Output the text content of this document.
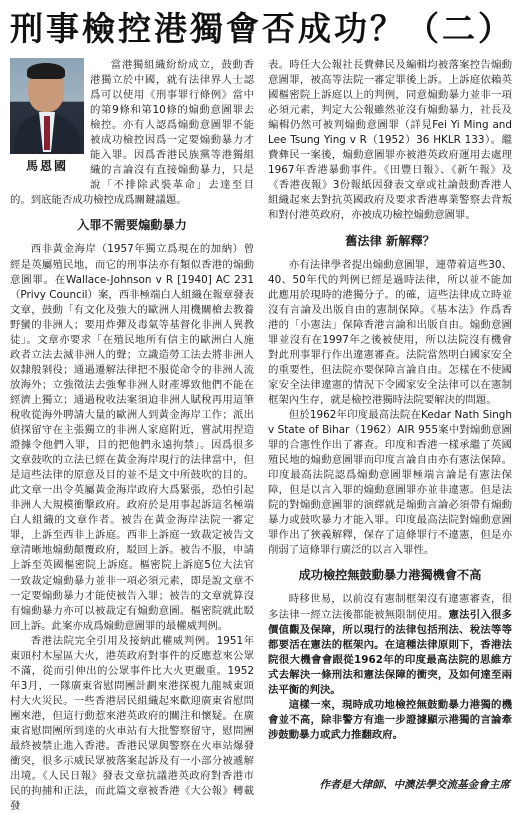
刑事檢控港獨會否成功？（二）
馬恩國

當港獨組織紛紛成立，鼓動香港獨立於中國，就有法律界人士認爲可以使用《刑事罪行條例》當中的第9條和第10條的煽動意圖罪去檢控。亦有人認爲煽動意圖罪不能被成功檢控因爲一定要煽動暴力才能入罪。因爲香港民族黨等港獨組織的言論沒有直接煽動暴力，只是說「不排除武裝革命」去達至目的。到底能否成功檢控成爲關鍵議題。

入罪不需要煽動暴力

西非黃金海岸（1957年獨立爲現在的加納）曾經是英屬殖民地，而它的刑事法亦有類似香港的煽動意圖罪。在Wallace-Johnson v R [1940] AC 231（Privy Council）案，西非極端白人組織在報章發表文章，鼓動「有文化及強大的歐洲人用機關槍去教養野蠻的非洲人；要用炸彈及毒氣等基督化非洲人異教徒」。文章亦要求「在殖民地所有信主的歐洲白人施政者立法去滅非洲人的聲；立識造勞工法去將非洲人奴隸般剝役；通過遷解法律把不服從命令的非洲人流放海外；立強徵法去強奪非洲人財產導致他們不能在經濟上獨立；通過稅收法案須迫非洲人賦稅再用這筆稅收從海外聘請大量的歐洲人到黃金海岸工作；派出偵探留守在主張獨立的非洲人家庭附近，嘗試用捏造證據令他們入罪，目的把他們永遠拘禁」。因爲很多文章鼓吹的立法已經在黃金海岸現行的法律當中，但是這些法律的原意及目的並不是文中所鼓吹的目的。此文章一出令英屬黃金海岸政府大爲緊張，恐怕引起非洲人大規模衝擊政府。政府於是用事起訴這名極端白人組織的文章作者。被告在黃金海岸法院一審定罪，上訴至西非上訴庭。西非上訴庭一致裁定被告文章清晰地煽動顛覆政府，駁回上訴。被告不服，申請上訴至英國樞密院上訴庭。樞密院上訴庭5位大法官一致裁定煽動暴力並非一項必須元素，即是說文章不一定要煽動暴力才能使被告入罪；被告的文章就算沒有煽動暴力亦可以被裁定有煽動意圖。樞密院就此駁回上訴。此案亦成爲煽動意圖罪的最權威判例。

香港法院完全引用及接納此權威判例。1951年東頭村木屋區大火，港英政府對事件的反應惹來公眾不滿，從而引伸出的公眾事件比大火更嚴重。1952年3月，一隊廣東省慰問團計劃來港探視九龍城東頭村大火災民。一些香港居民組織起來歡迎廣東省慰問團來港，但這行動惹來港英政府的關注和懷疑。在廣東省慰問團所到達的火車站有大批警察留守，慰問團最終被禁止進入香港。香港民眾與警察在火車站爆發衝突，很多示威民眾被落案起訴及有一小部分被遞解出境。《人民日報》發表文章抗議港英政府對香港市民的拘捕和正法，而此篇文章被香港《大公報》轉載發

表。時任大公報社長費彝民及編輯均被落案控告煽動意圖罪，被高等法院一審定罪後上訴。上訴庭依賴英國樞密院上訴庭以上的判例，同意煽動暴力並非一項必須元素，判定大公報雖然並沒有煽動暴力，社長及編輯仍然可被判煽動意圖罪（詳見Fei Yi Ming and Lee Tsung Ying v R（1952）36 HKLR 133）。繼費彝民一案後，煽動意圖罪亦被港英政府運用去處理1967年香港暴動事件。《田豐日報》、《新午報》及《香港夜報》3份報紙因發表文章或社論鼓動香港人組織起來去對抗英國政府及要求香港專業警察去背叛和對付港英政府，亦被成功檢控煽動意圖罪。

舊法律 新解釋？

亦有法律學者提出煽動意圖罪，連帶着這些30、40、50年代的判例已經是過時法律，所以並不能加此應用於現時的港獨分子。的確，這些法律成立時並沒有言論及出版自由的憲制保障。《基本法》作爲香港的「小憲法」保障香港言論和出版自由。煽動意圖罪並沒有在1997年之後被使用，所以法院沒有機會對此刑事罪行作出違憲審查。法院當然明白國家安全的重要性，但法院亦要保障言論自由。怎樣在不使國家安全法律違憲的情況下令國家安全法律可以在憲制框架內生存，就是檢控港獨時法院要解決的問題。

但於1962年印度最高法院在Kedar Nath Singh v State of Bihar（1962）AIR 955案中對煽動意圖罪的合憲性作出了審查。印度和香港一樣承繼了英國殖民地的煽動意圖罪而印度言論自由亦有憲法保障。印度最高法院認爲煽動意圖罪極端言論是有憲法保障，但是以言入罪的煽動意圖罪亦並非違憲。但是法院的對煽動意圖罪的演繹就是煽動言論必須帶有煽動暴力或鼓吹暴力才能入罪。印度最高法院對煽動意圖罪作出了狹義解釋，保存了這條罪行不違憲，但是亦削弱了這條罪行廣泛的以言入罪性。

成功檢控無鼓動暴力港獨機會不高

時移世易，以前沒有憲制框架沒有違憲審查，很多法律一經立法後都能被無限制使用。憲法引入很多價值觀及保障，所以現行的法律包括刑法、稅法等等都要活在憲法的框架內。在這種法律原則下，香港法院很大機會會跟從1962年的印度最高法院的思維方式去解決一條刑法和憲法保障的衝突，及如何達至兩法平衡的判決。

這樣一來，現時成功地檢控無鼓動暴力港獨的機會並不高，除非警方有進一步證據顯示港獨的言論牽涉鼓動暴力或武力推翻政府。

作者是大律師、中澳法學交流基金會主席
